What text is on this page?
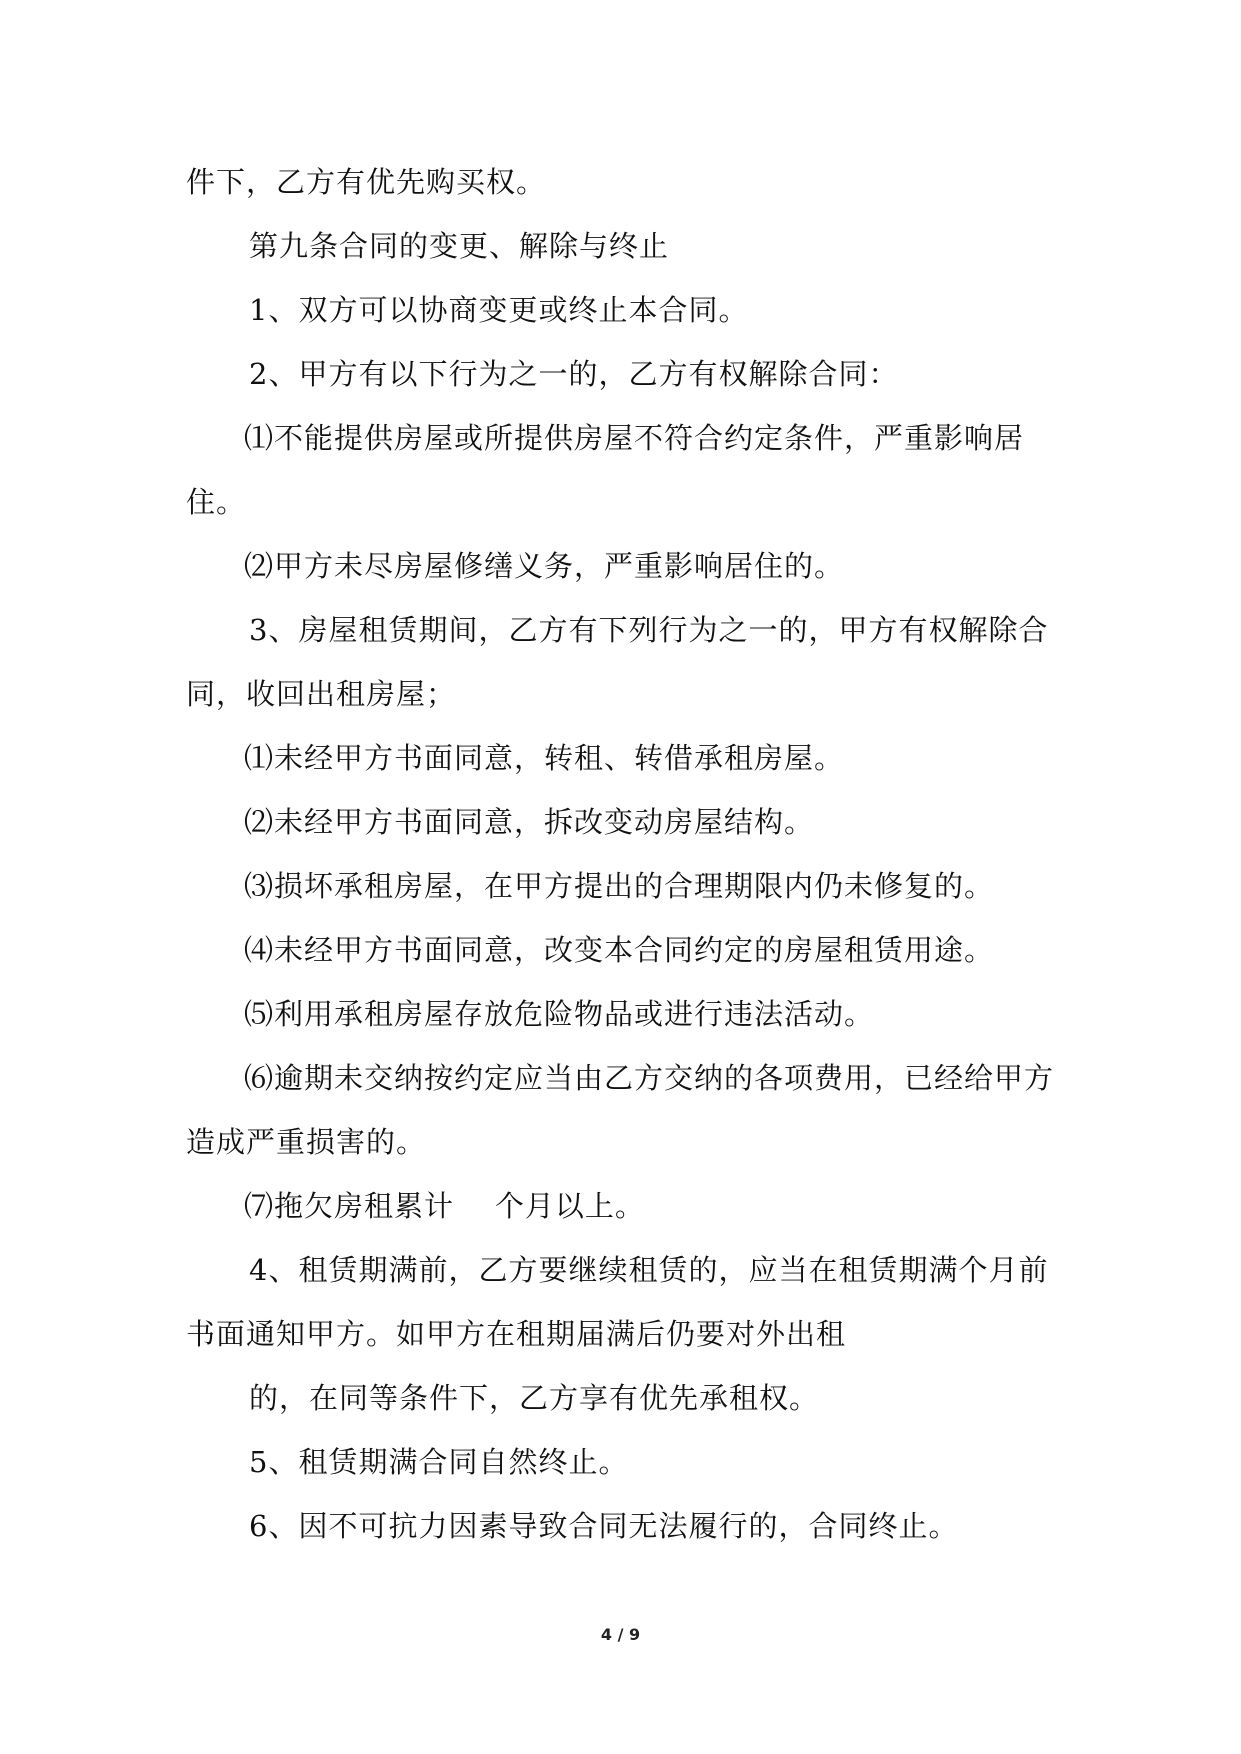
件下，乙方有优先购买权。

第九条合同的变更、解除与终止

1、双方可以协商变更或终止本合同。

2、甲方有以下行为之一的，乙方有权解除合同：

⑴不能提供房屋或所提供房屋不符合约定条件，严重影响居住。

⑵甲方未尽房屋修缮义务，严重影响居住的。

3、房屋租赁期间，乙方有下列行为之一的，甲方有权解除合同，收回出租房屋；

⑴未经甲方书面同意，转租、转借承租房屋。

⑵未经甲方书面同意，拆改变动房屋结构。

⑶损坏承租房屋，在甲方提出的合理期限内仍未修复的。

⑷未经甲方书面同意，改变本合同约定的房屋租赁用途。

⑸利用承租房屋存放危险物品或进行违法活动。

⑹逾期未交纳按约定应当由乙方交纳的各项费用，已经给甲方造成严重损害的。

⑺拖欠房租累计    个月以上。

4、租赁期满前，乙方要继续租赁的，应当在租赁期满个月前书面通知甲方。如甲方在租期届满后仍要对外出租

的，在同等条件下，乙方享有优先承租权。

5、租赁期满合同自然终止。

6、因不可抗力因素导致合同无法履行的，合同终止。

4 / 9
